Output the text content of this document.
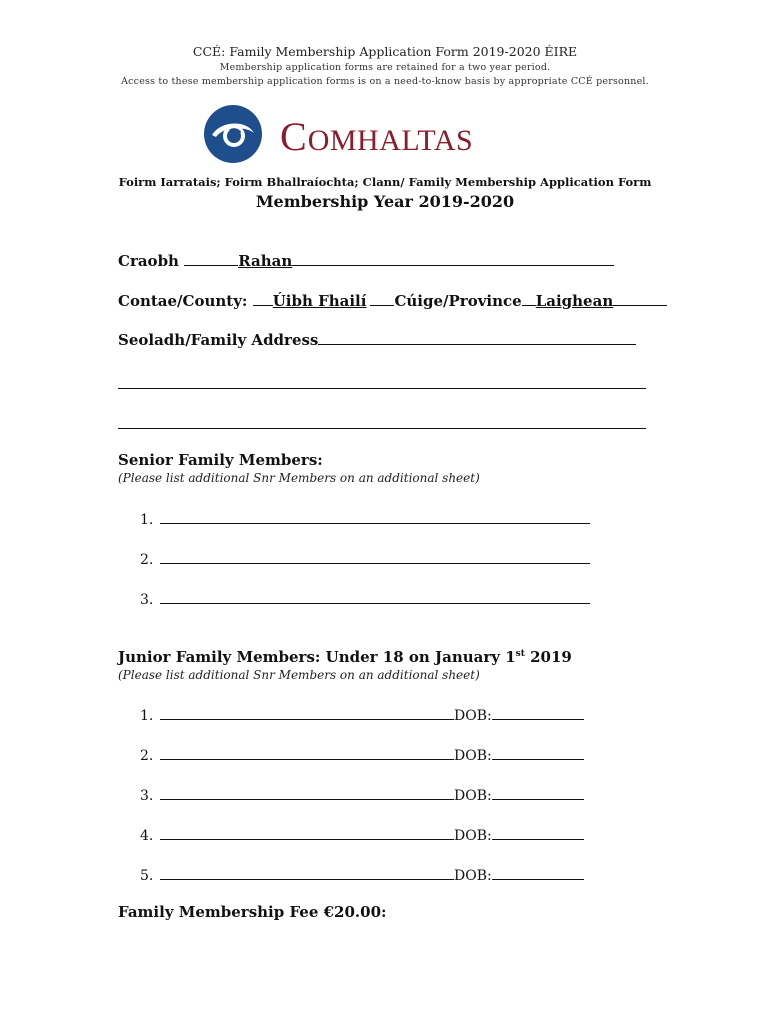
CCÉ: Family Membership Application Form 2019-2020 ÉIRE
Membership application forms are retained for a two year period.
Access to these membership application forms is on a need-to-know basis by appropriate CCÉ personnel.
COMHALTAS
Foirm Iarratais; Foirm Bhallraíochta; Clann/ Family Membership Application Form
Membership Year 2019-2020
Craobh	Rahan
Contae/County: Úibh Fhailí Cúige/Province Laighean
Seoladh/Family Address
Senior Family Members:
(Please list additional Snr Members on an additional sheet)
1.
2.
3.
Junior Family Members: Under 18 on January 1st 2019
(Please list additional Snr Members on an additional sheet)
1.	DOB:
2.	DOB:
3.	DOB:
4.	DOB:
5.	DOB:
Family Membership Fee €20.00:
